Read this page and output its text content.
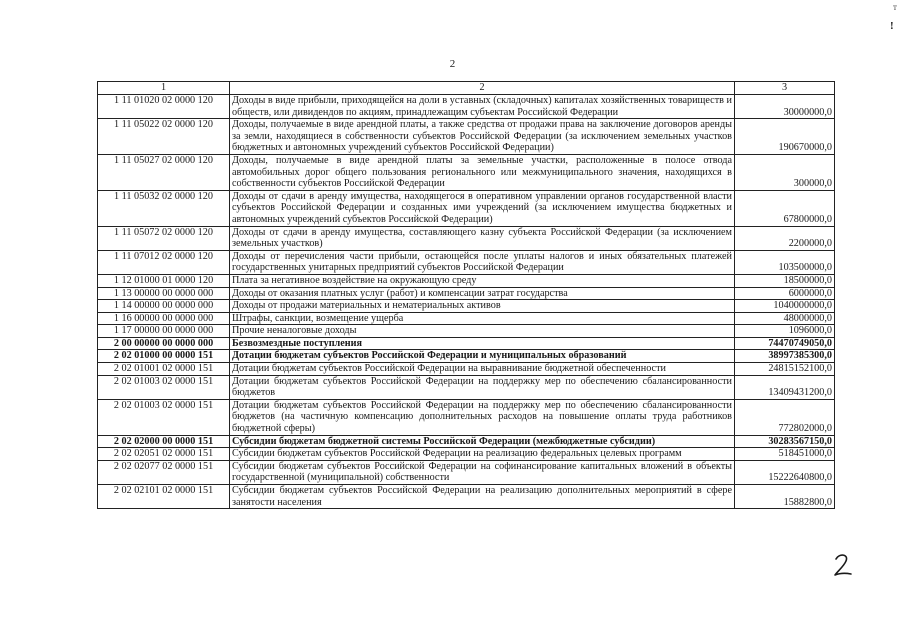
т
!
2
1	2	3
1 11 01020 02 0000 120	Доходы в виде прибыли, приходящейся на доли в уставных (складочных) капиталах хозяйственных товариществ и обществ, или дивидендов по акциям, принадлежащим субъектам Российской Федерации	30000000,0
1 11 05022 02 0000 120	Доходы, получаемые в виде арендной платы, а также средства от продажи права на заключение договоров аренды за земли, находящиеся в собственности субъектов Российской Федерации (за исключением земельных участков бюджетных и автономных учреждений субъектов Российской Федерации)	190670000,0
1 11 05027 02 0000 120	Доходы, получаемые в виде арендной платы за земельные участки, расположенные в полосе отвода автомобильных дорог общего пользования регионального или межмуниципального значения, находящихся в собственности субъектов Российской Федерации	300000,0
1 11 05032 02 0000 120	Доходы от сдачи в аренду имущества, находящегося в оперативном управлении органов государственной власти субъектов Российской Федерации и созданных ими учреждений (за исключением имущества бюджетных и автономных учреждений субъектов Российской Федерации)	67800000,0
1 11 05072 02 0000 120	Доходы от сдачи в аренду имущества, составляющего казну субъекта Российской Федерации (за исключением земельных участков)	2200000,0
1 11 07012 02 0000 120	Доходы от перечисления части прибыли, остающейся после уплаты налогов и иных обязательных платежей государственных унитарных предприятий субъектов Российской Федерации	103500000,0
1 12 01000 01 0000 120	Плата за негативное воздействие на окружающую среду	18500000,0
1 13 00000 00 0000 000	Доходы от оказания платных услуг (работ) и компенсации затрат государства	6000000,0
1 14 00000 00 0000 000	Доходы от продажи материальных и нематериальных активов	1040000000,0
1 16 00000 00 0000 000	Штрафы, санкции, возмещение ущерба	48000000,0
1 17 00000 00 0000 000	Прочие неналоговые доходы	1096000,0
2 00 00000 00 0000 000	Безвозмездные поступления	74470749050,0
2 02 01000 00 0000 151	Дотации бюджетам субъектов Российской Федерации и муниципальных образований	38997385300,0
2 02 01001 02 0000 151	Дотации бюджетам субъектов Российской Федерации на выравнивание бюджетной обеспеченности	24815152100,0
2 02 01003 02 0000 151	Дотации бюджетам субъектов Российской Федерации на поддержку мер по обеспечению сбалансированности бюджетов	13409431200,0
2 02 01003 02 0000 151	Дотации бюджетам субъектов Российской Федерации на поддержку мер по обеспечению сбалансированности бюджетов (на частичную компенсацию дополнительных расходов на повышение оплаты труда работников бюджетной сферы)	772802000,0
2 02 02000 00 0000 151	Субсидии бюджетам бюджетной системы Российской Федерации (межбюджетные субсидии)	30283567150,0
2 02 02051 02 0000 151	Субсидии бюджетам субъектов Российской Федерации на реализацию федеральных целевых программ	518451000,0
2 02 02077 02 0000 151	Субсидии бюджетам субъектов Российской Федерации на софинансирование капитальных вложений в объекты государственной (муниципальной) собственности	15222640800,0
2 02 02101 02 0000 151	Субсидии бюджетам субъектов Российской Федерации на реализацию дополнительных мероприятий в сфере занятости населения	15882800,0
